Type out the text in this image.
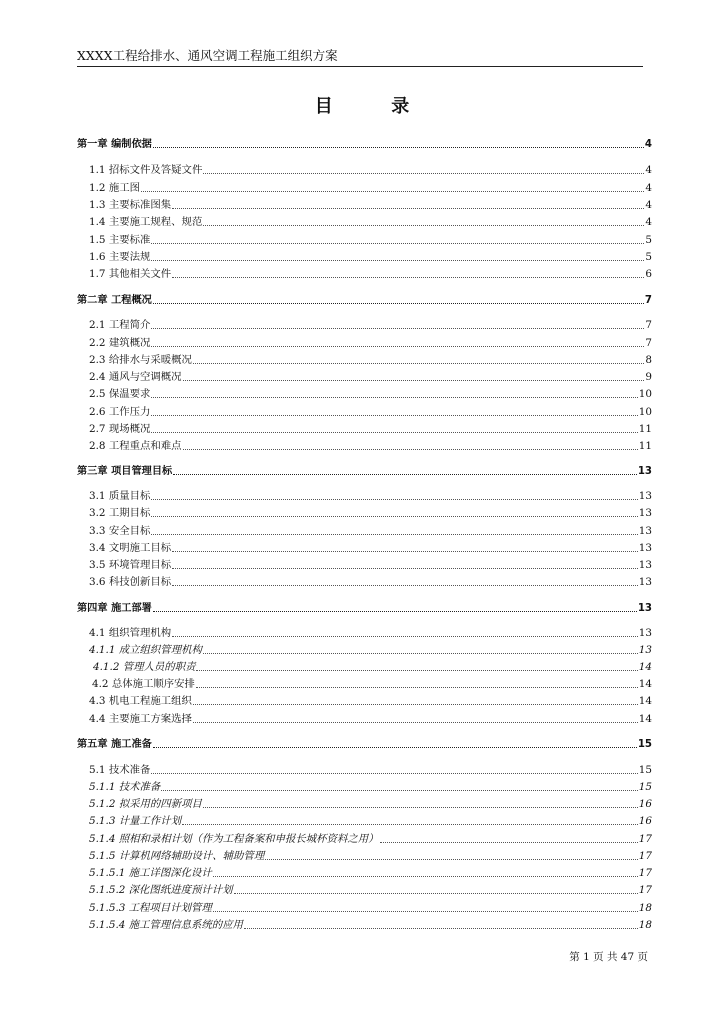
XXXX工程给排水、通风空调工程施工组织方案
目	录
第一章 编制依据	4
1.1 招标文件及答疑文件	4
1.2 施工图	4
1.3 主要标准图集	4
1.4 主要施工规程、规范	4
1.5 主要标准	5
1.6 主要法规	5
1.7 其他相关文件	6
第二章 工程概况	7
2.1 工程简介	7
2.2 建筑概况	7
2.3 给排水与采暖概况	8
2.4 通风与空调概况	9
2.5 保温要求	10
2.6 工作压力	10
2.7 现场概况	11
2.8 工程重点和难点	11
第三章 项目管理目标	13
3.1 质量目标	13
3.2 工期目标	13
3.3 安全目标	13
3.4 文明施工目标	13
3.5 环境管理目标	13
3.6 科技创新目标	13
第四章 施工部署	13
4.1 组织管理机构	13
4.1.1 成立组织管理机构	13
4.1.2 管理人员的职责	14
4.2 总体施工顺序安排	14
4.3 机电工程施工组织	14
4.4 主要施工方案选择	14
第五章 施工准备	15
5.1 技术准备	15
5.1.1 技术准备	15
5.1.2 拟采用的四新项目	16
5.1.3 计量工作计划	16
5.1.4 照相和录相计划（作为工程备案和申报长城杯资料之用）	17
5.1.5 计算机网络辅助设计、辅助管理	17
5.1.5.1 施工详图深化设计	17
5.1.5.2 深化图纸进度预计计划	17
5.1.5.3 工程项目计划管理	18
5.1.5.4 施工管理信息系统的应用	18
第 1 页 共 47 页
